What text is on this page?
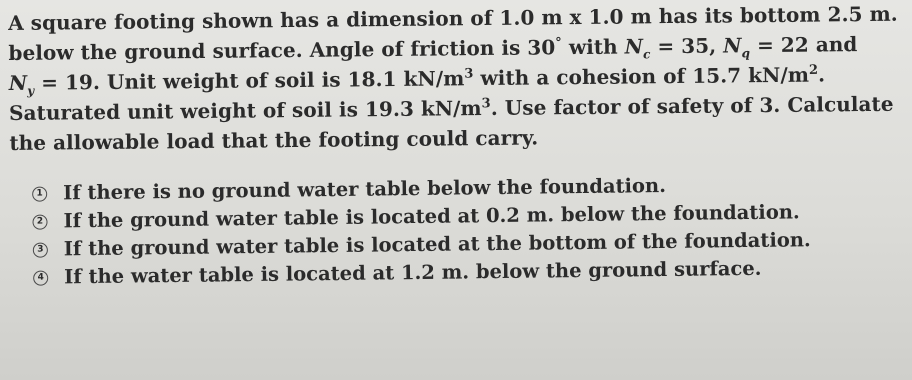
A square footing shown has a dimension of 1.0 m x 1.0 m has its bottom 2.5 m.
below the ground surface. Angle of friction is 30° with $N_c = 35$, $N_q = 22$ and
$N_y = 19$. Unit weight of soil is 18.1 $kN/m^3$ with a cohesion of 15.7 $kN/m^2$.
Saturated unit weight of soil is 19.3 $kN/m^3$. Use factor of safety of 3. Calculate
the allowable load that the footing could carry.
1 If there is no ground water table below the foundation.
2 If the ground water table is located at 0.2 m. below the foundation.
3 If the ground water table is located at the bottom of the foundation.
4 If the water table is located at 1.2 m. below the ground surface.
